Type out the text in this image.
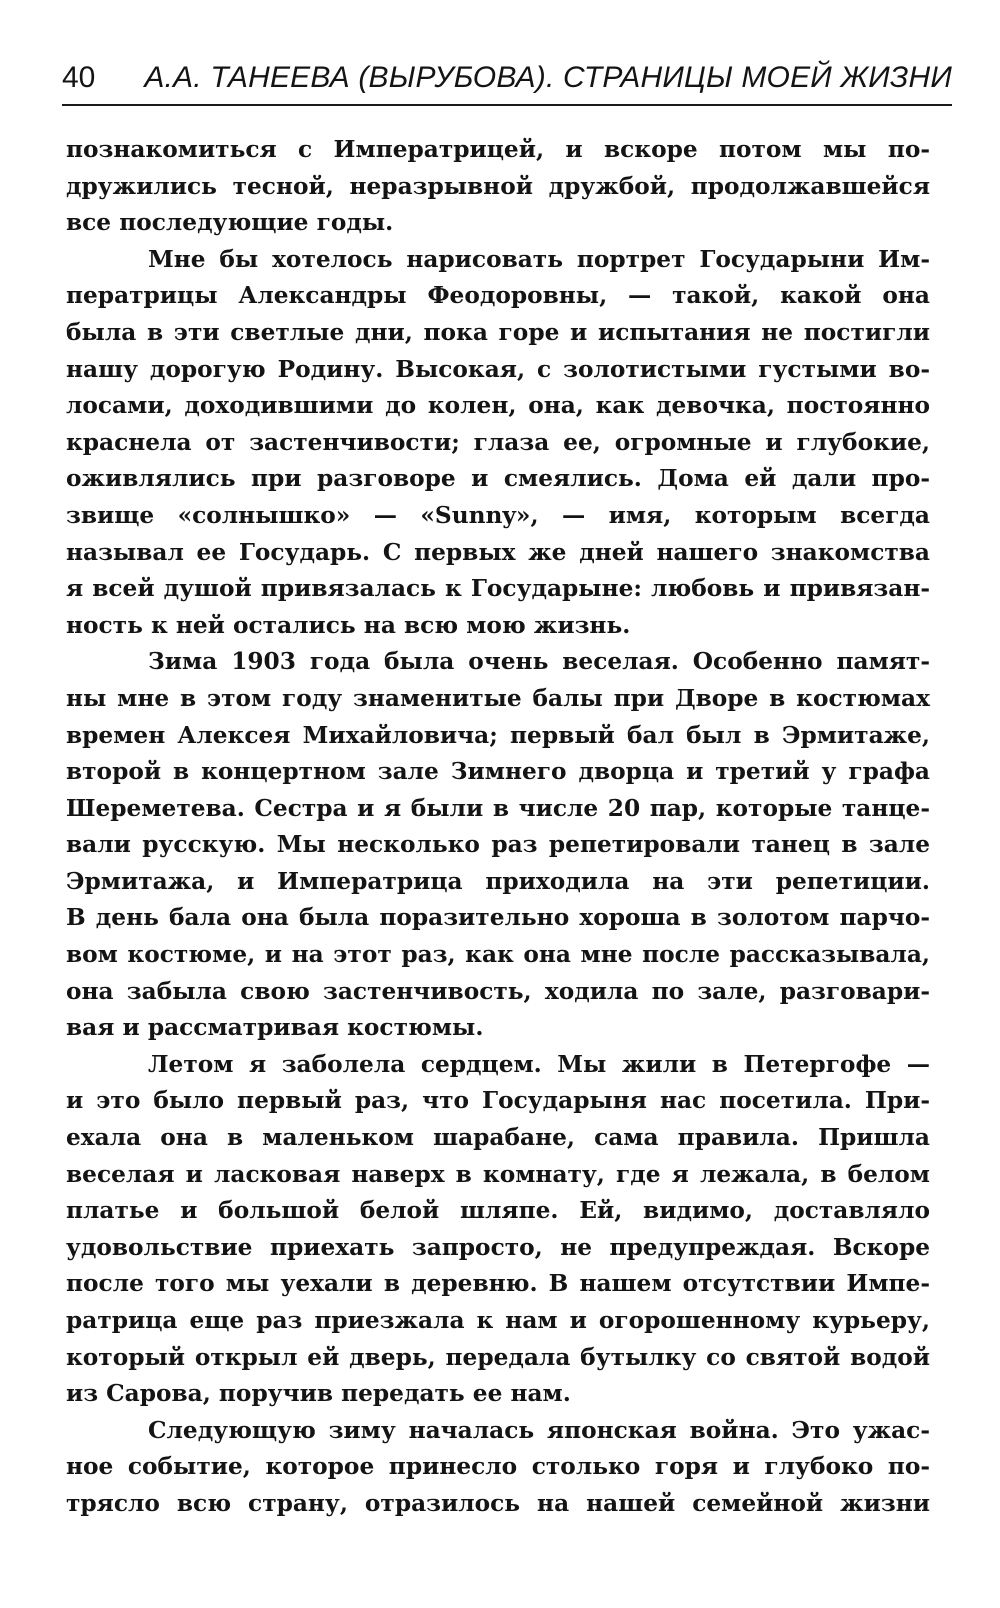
40 А.А. ТАНЕЕВА (ВЫРУБОВА). СТРАНИЦЫ МОЕЙ ЖИЗНИ
познакомиться с Императрицей, и вскоре потом мы по-
дружились тесной, неразрывной дружбой, продолжавшейся
все последующие годы.
Мне бы хотелось нарисовать портрет Государыни Им-
ператрицы Александры Феодоровны, — такой, какой она
была в эти светлые дни, пока горе и испытания не постигли
нашу дорогую Родину. Высокая, с золотистыми густыми во-
лосами, доходившими до колен, она, как девочка, постоянно
краснела от застенчивости; глаза ее, огромные и глубокие,
оживлялись при разговоре и смеялись. Дома ей дали про-
звище «солнышко» — «Sunny», — имя, которым всегда
называл ее Государь. С первых же дней нашего знакомства
я всей душой привязалась к Государыне: любовь и привязан-
ность к ней остались на всю мою жизнь.
Зима 1903 года была очень веселая. Особенно памят-
ны мне в этом году знаменитые балы при Дворе в костюмах
времен Алексея Михайловича; первый бал был в Эрмитаже,
второй в концертном зале Зимнего дворца и третий у графа
Шереметева. Сестра и я были в числе 20 пар, которые танце-
вали русскую. Мы несколько раз репетировали танец в зале
Эрмитажа, и Императрица приходила на эти репетиции.
В день бала она была поразительно хороша в золотом парчо-
вом костюме, и на этот раз, как она мне после рассказывала,
она забыла свою застенчивость, ходила по зале, разговари-
вая и рассматривая костюмы.
Летом я заболела сердцем. Мы жили в Петергофе —
и это было первый раз, что Государыня нас посетила. При-
ехала она в маленьком шарабане, сама правила. Пришла
веселая и ласковая наверх в комнату, где я лежала, в белом
платье и большой белой шляпе. Ей, видимо, доставляло
удовольствие приехать запросто, не предупреждая. Вскоре
после того мы уехали в деревню. В нашем отсутствии Импе-
ратрица еще раз приезжала к нам и огорошенному курьеру,
который открыл ей дверь, передала бутылку со святой водой
из Сарова, поручив передать ее нам.
Следующую зиму началась японская война. Это ужас-
ное событие, которое принесло столько горя и глубоко по-
трясло всю страну, отразилось на нашей семейной жизни
